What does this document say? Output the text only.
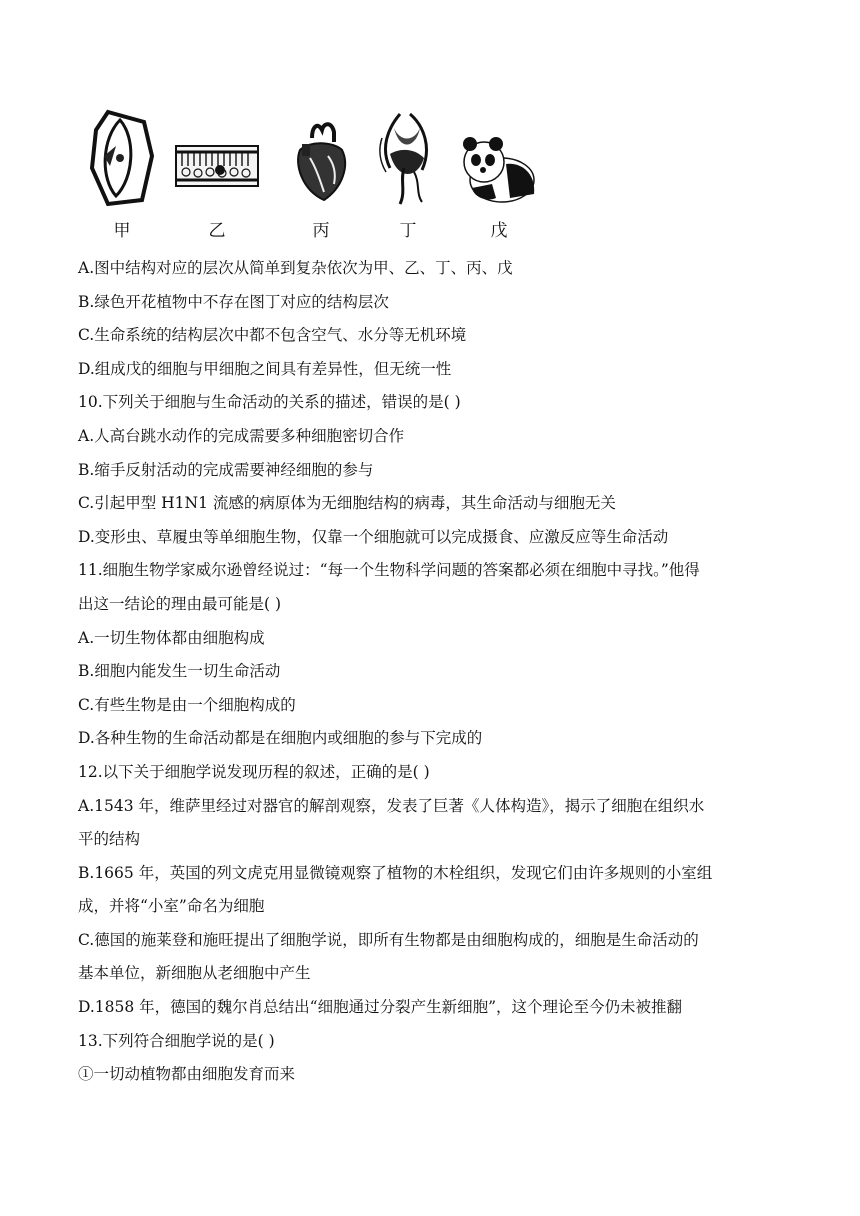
甲	乙	丙	丁	戊
A.图中结构对应的层次从简单到复杂依次为甲、乙、丁、丙、戊
B.绿色开花植物中不存在图丁对应的结构层次
C.生命系统的结构层次中都不包含空气、水分等无机环境
D.组成戊的细胞与甲细胞之间具有差异性，但无统一性
10.下列关于细胞与生命活动的关系的描述，错误的是( )
A.人高台跳水动作的完成需要多种细胞密切合作
B.缩手反射活动的完成需要神经细胞的参与
C.引起甲型 H1N1 流感的病原体为无细胞结构的病毒，其生命活动与细胞无关
D.变形虫、草履虫等单细胞生物，仅靠一个细胞就可以完成摄食、应激反应等生命活动
11.细胞生物学家威尔逊曾经说过：“每一个生物科学问题的答案都必须在细胞中寻找。”他得
出这一结论的理由最可能是( )
A.一切生物体都由细胞构成
B.细胞内能发生一切生命活动
C.有些生物是由一个细胞构成的
D.各种生物的生命活动都是在细胞内或细胞的参与下完成的
12.以下关于细胞学说发现历程的叙述，正确的是( )
A.1543 年，维萨里经过对器官的解剖观察，发表了巨著《人体构造》，揭示了细胞在组织水
平的结构
B.1665 年，英国的列文虎克用显微镜观察了植物的木栓组织，发现它们由许多规则的小室组
成，并将“小室”命名为细胞
C.德国的施莱登和施旺提出了细胞学说，即所有生物都是由细胞构成的，细胞是生命活动的
基本单位，新细胞从老细胞中产生
D.1858 年，德国的魏尔肖总结出“细胞通过分裂产生新细胞”，这个理论至今仍未被推翻
13.下列符合细胞学说的是( )
①一切动植物都由细胞发育而来
